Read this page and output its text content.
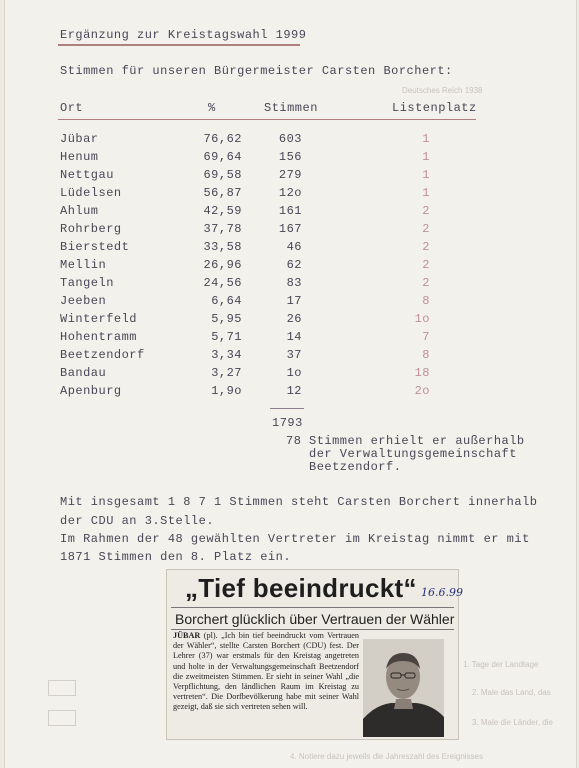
Deutsches Reich 1938
1. Tage der Landtage
2. Male das Land, das
3. Male die Länder, die
4. Notiere dazu jeweils die Jahreszahl des Ereignisses
Ergänzung zur Kreistagswahl 1999
Stimmen für unseren Bürgermeister Carsten Borchert:
Ort	%	Stimmen	Listenplatz
Jübar	76,62	603	1
Henum	69,64	156	1
Nettgau	69,58	279	1
Lüdelsen	56,87	12o	1
Ahlum	42,59	161	2
Rohrberg	37,78	167	2
Bierstedt	33,58	46	2
Mellin	26,96	62	2
Tangeln	24,56	83	2
Jeeben	6,64	17	8
Winterfeld	5,95	26	1o
Hohentramm	5,71	14	7
Beetzendorf	3,34	37	8
Bandau	3,27	1o	18
Apenburg	1,9o	12	2o
1793
78 Stimmen erhielt er außerhalb
der Verwaltungsgemeinschaft
Beetzendorf.
Mit insgesamt 1 8 7 1 Stimmen steht Carsten Borchert innerhalb
der CDU an 3.Stelle.
Im Rahmen der 48 gewählten Vertreter im Kreistag nimmt er mit
1871 Stimmen den 8. Platz ein.
„Tief beeindruckt“ 16.6.99
Borchert glücklich über Vertrauen der Wähler
JÜBAR (pl). „Ich bin tief beeindruckt vom Vertrauen der Wähler“, stellte Carsten Borchert (CDU) fest. Der Lehrer (37) war erstmals für den Kreistag angetreten und holte in der Verwaltungsgemeinschaft Beetzendorf die zweitmeisten Stimmen. Er sieht in seiner Wahl „die Verpflichtung, den ländlichen Raum im Kreistag zu vertreten“. Die Dorfbevölkerung habe mit seiner Wahl gezeigt, daß sie sich vertreten sehen will.
